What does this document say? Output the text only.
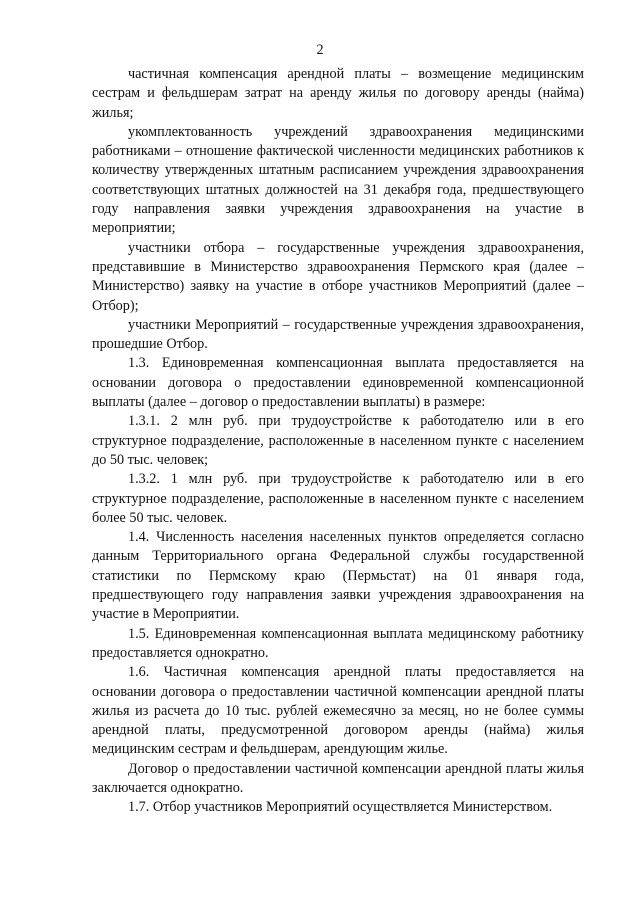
2

частичная компенсация арендной платы – возмещение медицинским сестрам и фельдшерам затрат на аренду жилья по договору аренды (найма) жилья;

укомплектованность учреждений здравоохранения медицинскими работниками – отношение фактической численности медицинских работников к количеству утвержденных штатным расписанием учреждения здравоохранения соответствующих штатных должностей на 31 декабря года, предшествующего году направления заявки учреждения здравоохранения на участие в мероприятии;

участники отбора – государственные учреждения здравоохранения, представившие в Министерство здравоохранения Пермского края (далее – Министерство) заявку на участие в отборе участников Мероприятий (далее – Отбор);

участники Мероприятий – государственные учреждения здравоохранения, прошедшие Отбор.

1.3. Единовременная компенсационная выплата предоставляется на основании договора о предоставлении единовременной компенсационной выплаты (далее – договор о предоставлении выплаты) в размере:

1.3.1. 2 млн руб. при трудоустройстве к работодателю или в его структурное подразделение, расположенные в населенном пункте с населением до 50 тыс. человек;

1.3.2. 1 млн руб. при трудоустройстве к работодателю или в его структурное подразделение, расположенные в населенном пункте с населением более 50 тыс. человек.

1.4. Численность населения населенных пунктов определяется согласно данным Территориального органа Федеральной службы государственной статистики по Пермскому краю (Пермьстат) на 01 января года, предшествующего году направления заявки учреждения здравоохранения на участие в Мероприятии.

1.5. Единовременная компенсационная выплата медицинскому работнику предоставляется однократно.

1.6. Частичная компенсация арендной платы предоставляется на основании договора о предоставлении частичной компенсации арендной платы жилья из расчета до 10 тыс. рублей ежемесячно за месяц, но не более суммы арендной платы, предусмотренной договором аренды (найма) жилья медицинским сестрам и фельдшерам, арендующим жилье.

Договор о предоставлении частичной компенсации арендной платы жилья заключается однократно.

1.7. Отбор участников Мероприятий осуществляется Министерством.
